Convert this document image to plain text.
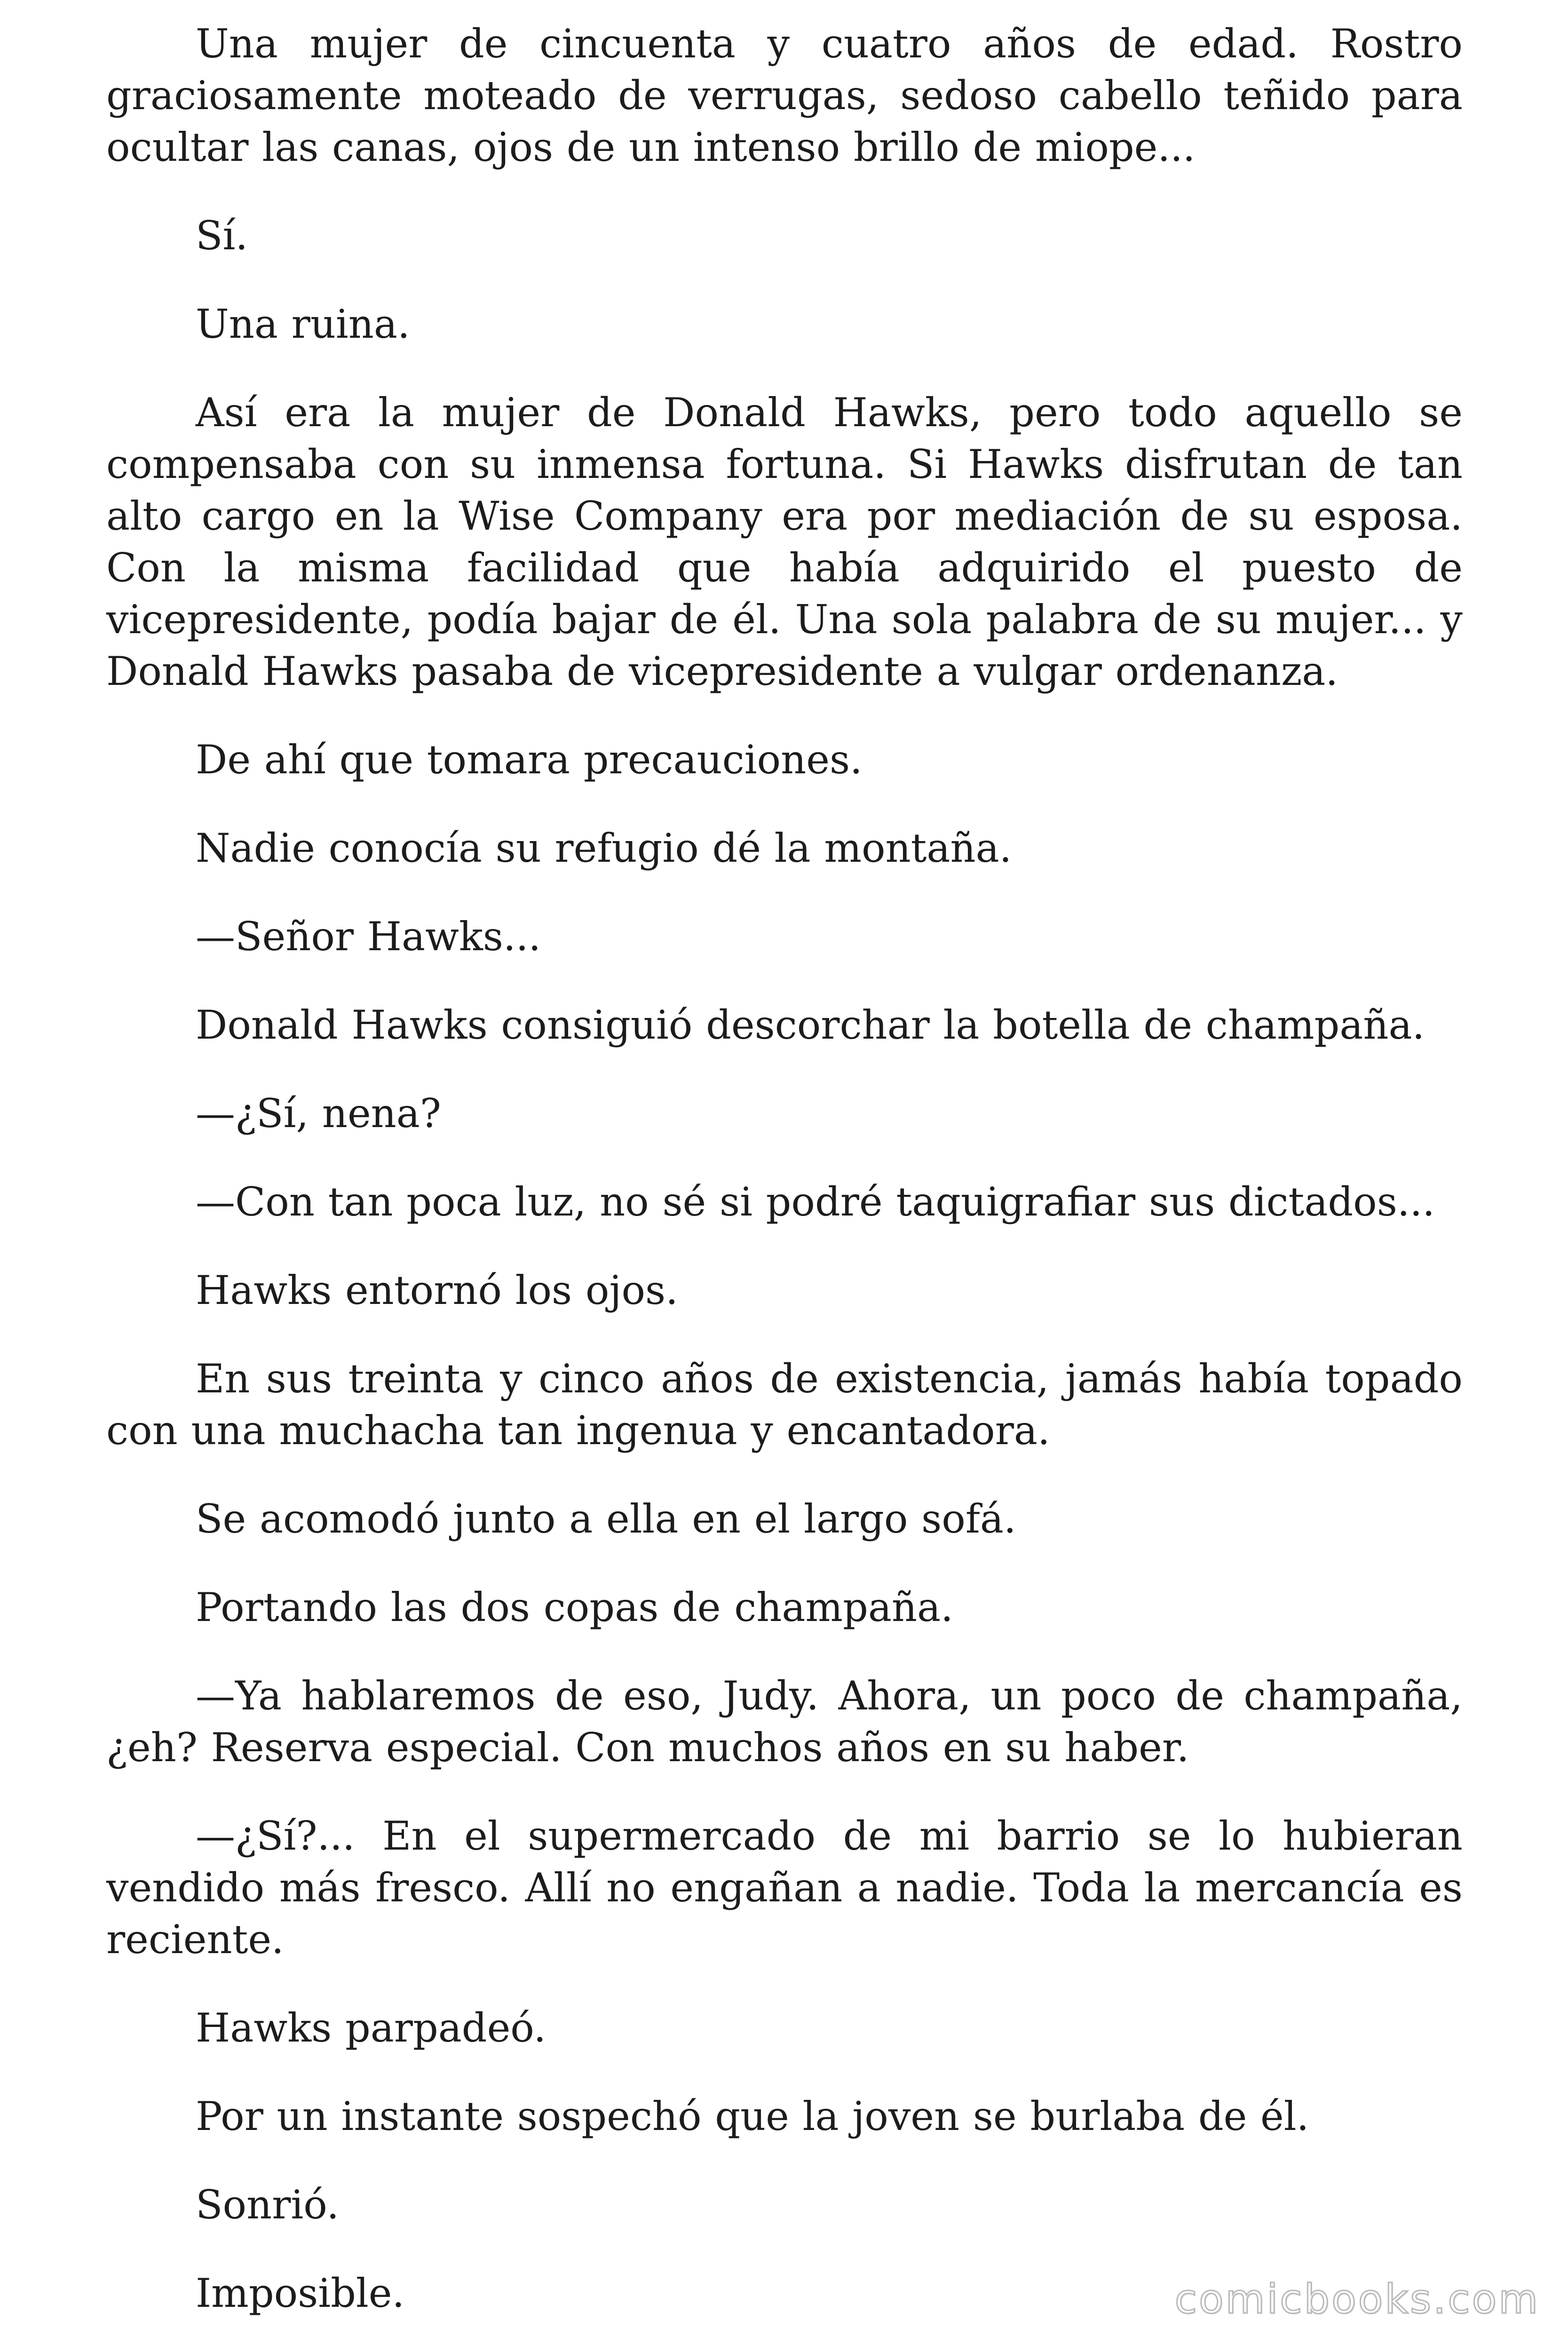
Una mujer de cincuenta y cuatro años de edad. Rostro graciosamente moteado de verrugas, sedoso cabello teñido para ocultar las canas, ojos de un intenso brillo de miope...

Sí.

Una ruina.

Así era la mujer de Donald Hawks, pero todo aquello se compensaba con su inmensa fortuna. Si Hawks disfrutan de tan alto cargo en la Wise Company era por mediación de su esposa. Con la misma facilidad que había adquirido el puesto de vicepresidente, podía bajar de él. Una sola palabra de su mujer... y Donald Hawks pasaba de vicepresidente a vulgar ordenanza.

De ahí que tomara precauciones.

Nadie conocía su refugio dé la montaña.

—Señor Hawks...

Donald Hawks consiguió descorchar la botella de champaña.

—¿Sí, nena?

—Con tan poca luz, no sé si podré taquigrafiar sus dictados...

Hawks entornó los ojos.

En sus treinta y cinco años de existencia, jamás había topado con una muchacha tan ingenua y encantadora.

Se acomodó junto a ella en el largo sofá.

Portando las dos copas de champaña.

—Ya hablaremos de eso, Judy. Ahora, un poco de champaña, ¿eh? Reserva especial. Con muchos años en su haber.

—¿Sí?... En el supermercado de mi barrio se lo hubieran vendido más fresco. Allí no engañan a nadie. Toda la mercancía es reciente.

Hawks parpadeó.

Por un instante sospechó que la joven se burlaba de él.

Sonrió.

Imposible.	comicbooks.com
